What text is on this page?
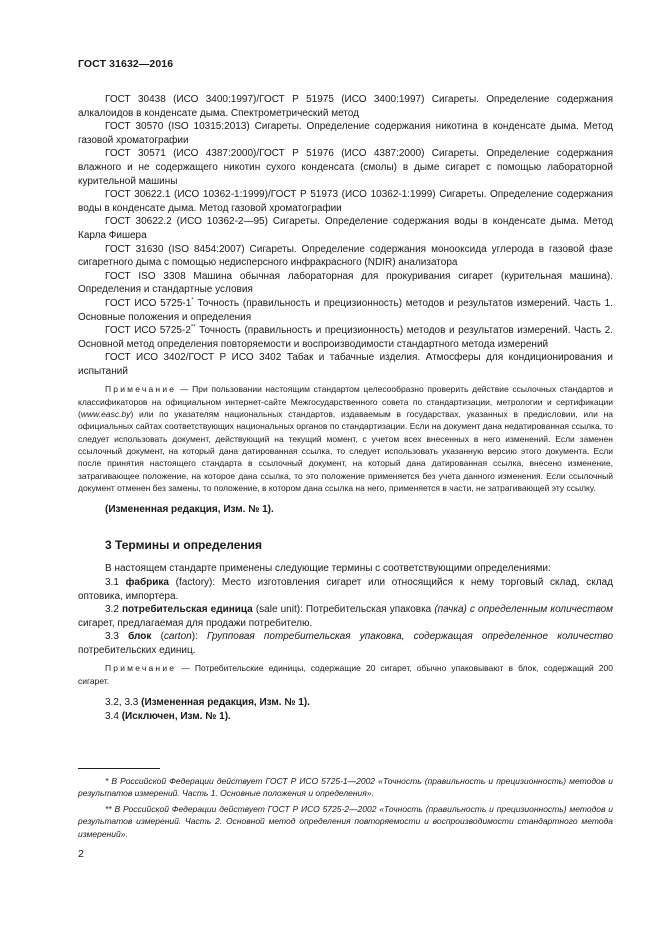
ГОСТ 31632—2016

ГОСТ 30438 (ИСО 3400:1997)/ГОСТ Р 51975 (ИСО 3400:1997) Сигареты. Определение содержания алкалоидов в конденсате дыма. Спектрометрический метод

ГОСТ 30570 (ISO 10315:2013) Сигареты. Определение содержания никотина в конденсате дыма. Метод газовой хроматографии

ГОСТ 30571 (ИСО 4387:2000)/ГОСТ Р 51976 (ИСО 4387:2000) Сигареты. Определение содержания влажного и не содержащего никотин сухого конденсата (смолы) в дыме сигарет с помощью лабораторной курительной машины

ГОСТ 30622.1 (ИСО 10362-1:1999)/ГОСТ Р 51973 (ИСО 10362-1:1999) Сигареты. Определение содержания воды в конденсате дыма. Метод газовой хроматографии

ГОСТ 30622.2 (ИСО 10362-2—95) Сигареты. Определение содержания воды в конденсате дыма. Метод Карла Фишера

ГОСТ 31630 (ISO 8454:2007) Сигареты. Определение содержания монооксида углерода в газовой фазе сигаретного дыма с помощью недисперсного инфракрасного (NDIR) анализатора

ГОСТ ISO 3308 Машина обычная лабораторная для прокуривания сигарет (курительная машина). Определения и стандартные условия

ГОСТ ИСО 5725-1* Точность (правильность и прецизионность) методов и результатов измерений. Часть 1. Основные положения и определения

ГОСТ ИСО 5725-2** Точность (правильность и прецизионность) методов и результатов измерений. Часть 2. Основной метод определения повторяемости и воспроизводимости стандартного метода измерений

ГОСТ ИСО 3402/ГОСТ Р ИСО 3402 Табак и табачные изделия. Атмосферы для кондиционирования и испытаний

Примечание — При пользовании настоящим стандартом целесообразно проверить действие ссылочных стандартов и классификаторов на официальном интернет-сайте Межгосударственного совета по стандартизации, метрологии и сертификации (www.easc.by) или по указателям национальных стандартов, издаваемым в государствах, указанных в предисловии, или на официальных сайтах соответствующих национальных органов по стандартизации. Если на документ дана недатированная ссылка, то следует использовать документ, действующий на текущий момент, с учетом всех внесенных в него изменений. Если заменен ссылочный документ, на который дана датированная ссылка, то следует использовать указанную версию этого документа. Если после принятия настоящего стандарта в ссылочный документ, на который дана датированная ссылка, внесено изменение, затрагивающее положение, на которое дана ссылка, то это положение применяется без учета данного изменения. Если ссылочный документ отменен без замены, то положение, в котором дана ссылка на него, применяется в части, не затрагивающей эту ссылку.

(Измененная редакция, Изм. № 1).

3 Термины и определения

В настоящем стандарте применены следующие термины с соответствующими определениями:

3.1 фабрика (factory): Место изготовления сигарет или относящийся к нему торговый склад, склад оптовика, импортера.

3.2 потребительская единица (sale unit): Потребительская упаковка (пачка) с определенным количеством сигарет, предлагаемая для продажи потребителю.

3.3 блок (carton): Групповая потребительская упаковка, содержащая определенное количество потребительских единиц.

Примечание — Потребительские единицы, содержащие 20 сигарет, обычно упаковывают в блок, содержащий 200 сигарет.

3.2, 3.3 (Измененная редакция, Изм. № 1).

3.4 (Исключен, Изм. № 1).

* В Российской Федерации действует ГОСТ Р ИСО 5725-1—2002 «Точность (правильность и прецизионность) методов и результатов измерений. Часть 1. Основные положения и определения».

** В Российской Федерации действует ГОСТ Р ИСО 5725-2—2002 «Точность (правильность и прецизионность) методов и результатов измерений. Часть 2. Основной метод определения повторяемости и воспроизводимости стандартного метода измерений».

2
